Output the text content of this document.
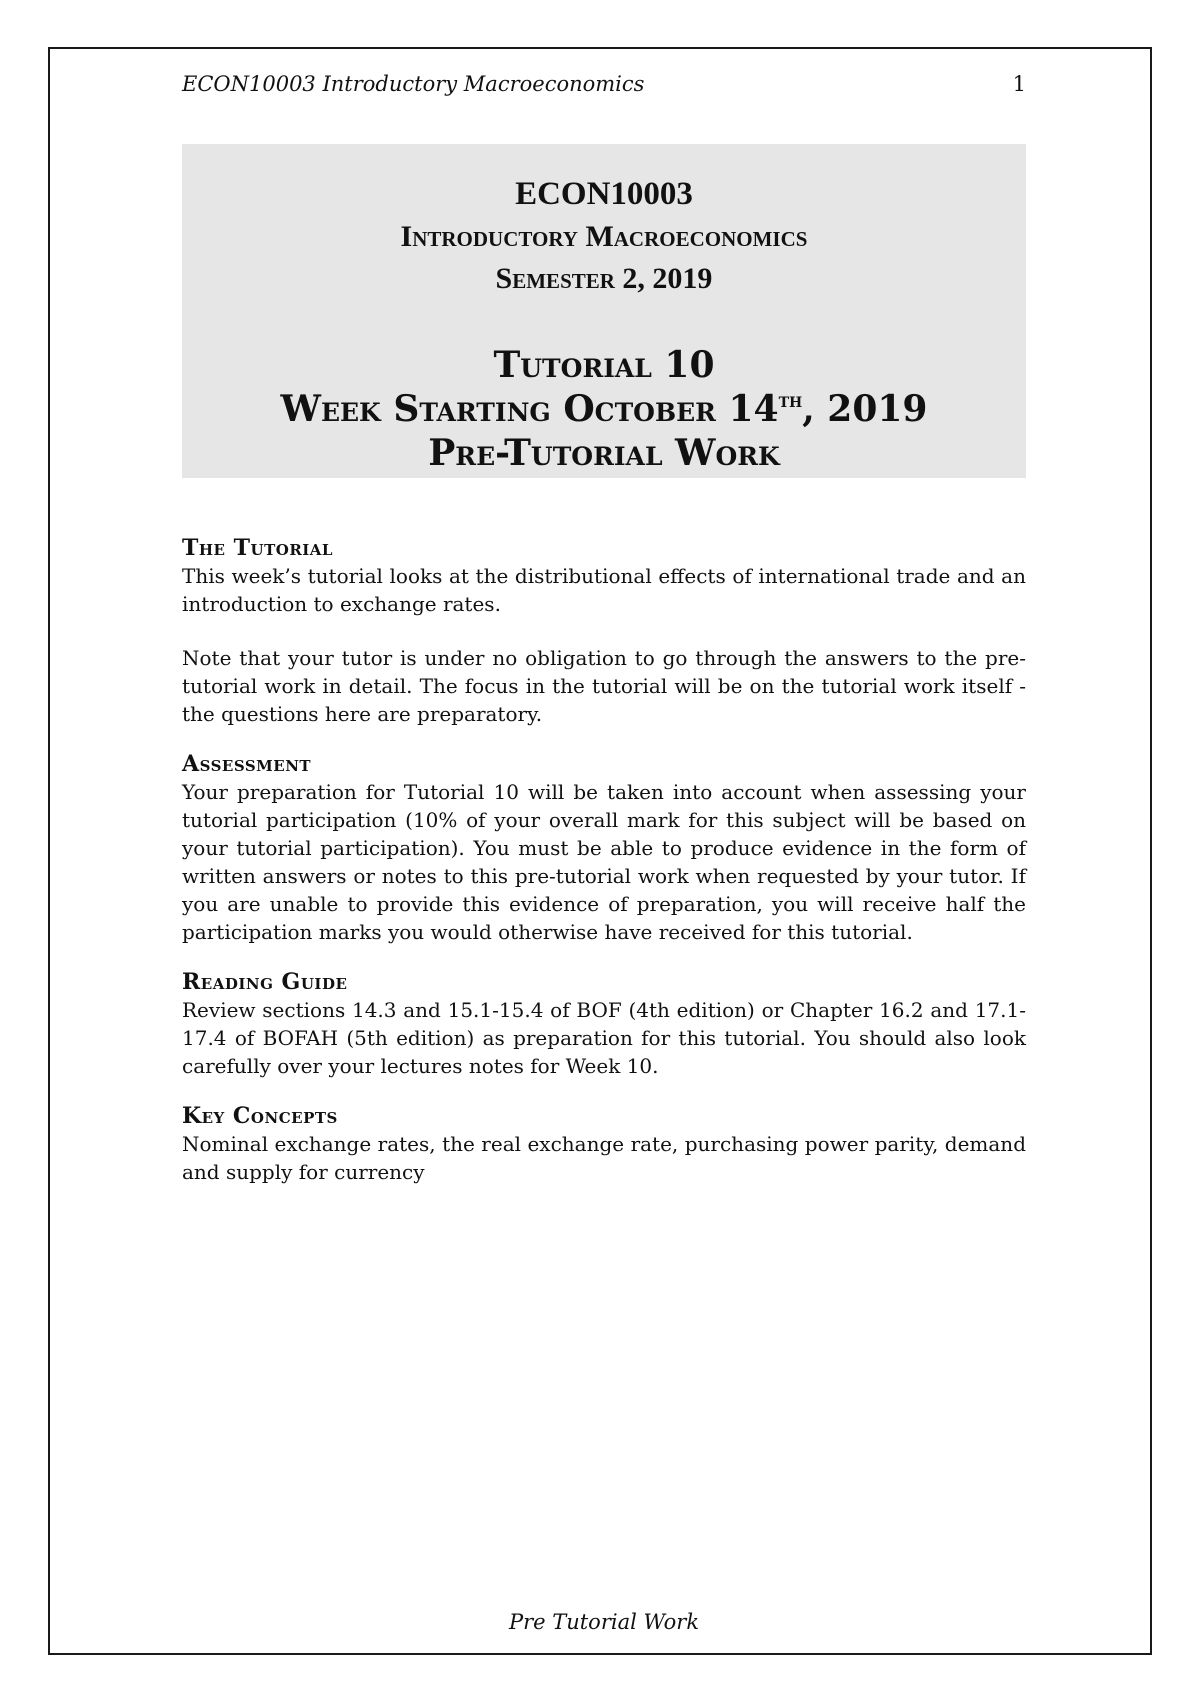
ECON10003 Introductory Macroeconomics	1
ECON10003
Introductory Macroeconomics
Semester 2, 2019
Tutorial 10
Week Starting October 14th, 2019
Pre-Tutorial Work
The Tutorial

This week’s tutorial looks at the distributional effects of international trade and an introduction to exchange rates.

Note that your tutor is under no obligation to go through the answers to the pre-tutorial work in detail. The focus in the tutorial will be on the tutorial work itself - the questions here are preparatory.

Assessment

Your preparation for Tutorial 10 will be taken into account when assessing your tutorial participation (10% of your overall mark for this subject will be based on your tutorial participation). You must be able to produce evidence in the form of written answers or notes to this pre-tutorial work when requested by your tutor. If you are unable to provide this evidence of preparation, you will receive half the participation marks you would otherwise have received for this tutorial.

Reading Guide

Review sections 14.3 and 15.1-15.4 of BOF (4th edition) or Chapter 16.2 and 17.1-17.4 of BOFAH (5th edition) as preparation for this tutorial. You should also look carefully over your lectures notes for Week 10.

Key Concepts

Nominal exchange rates, the real exchange rate, purchasing power parity, demand and supply for currency

Pre Tutorial Work
